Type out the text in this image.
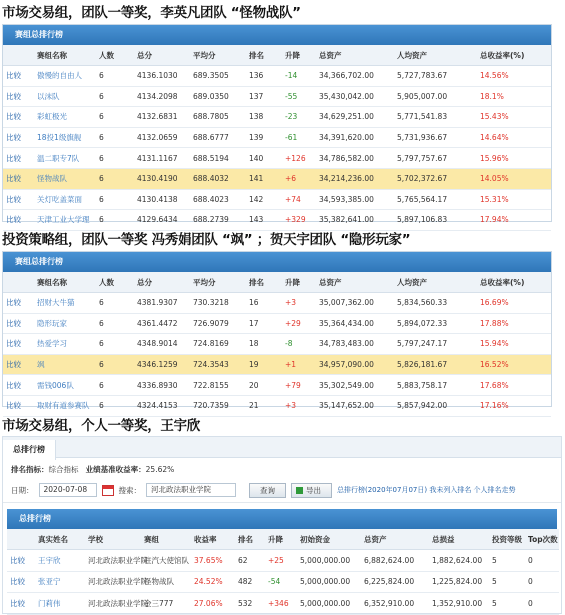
市场交易组，团队一等奖，李英凡团队 “怪物战队”
赛组总排行榜
	赛组名称	人数	总分	平均分	排名	升降	总资产	人均资产	总收益率(%)
比较	傲慢的自由人	6	4136.1030	689.3505	136	-14	34,366,702.00	5,727,783.67	14.56%
比较	以沫队	6	4134.2098	689.0350	137	-55	35,430,042.00	5,905,007.00	18.1%
比较	彩虹极光	6	4132.6831	688.7805	138	-23	34,629,251.00	5,771,541.83	15.43%
比较	18投1级旗舰	6	4132.0659	688.6777	139	-61	34,391,620.00	5,731,936.67	14.64%
比较	温二职专7队	6	4131.1167	688.5194	140	+126	34,786,582.00	5,797,757.67	15.96%
比较	怪物战队	6	4130.4190	688.4032	141	+6	34,214,236.00	5,702,372.67	14.05%
比较	关灯吃盖菜面	6	4130.4138	688.4023	142	+74	34,593,385.00	5,765,564.17	15.31%
比较	天津工业大学理	6	4129.6434	688.2739	143	+329	35,382,641.00	5,897,106.83	17.94%
投资策略组，团队一等奖 冯秀娟团队 “飒” ；贺天宇团队 “隐形玩家”
赛组总排行榜
	赛组名称	人数	总分	平均分	排名	升降	总资产	人均资产	总收益率(%)
比较	招财大牛猫	6	4381.9307	730.3218	16	+3	35,007,362.00	5,834,560.33	16.69%
比较	隐形玩家	6	4361.4472	726.9079	17	+29	35,364,434.00	5,894,072.33	17.88%
比较	热爱学习	6	4348.9014	724.8169	18	-8	34,783,483.00	5,797,247.17	15.94%
比较	飒	6	4346.1259	724.3543	19	+1	34,957,090.00	5,826,181.67	16.52%
比较	需钱006队	6	4336.8930	722.8155	20	+79	35,302,549.00	5,883,758.17	17.68%
比较	取财有道参赛队	6	4324.4153	720.7359	21	+3	35,147,652.00	5,857,942.00	17.16%
市场交易组，个人一等奖，王宇欣
总排行榜
排名指标：综合指标 业绩基准收益率：25.62%
日期：	2020-07-08	搜索：	河北政法职业学院	查询	导出	总排行榜(2020年07月07日) 我未列入排名 个人排名走势
总排行榜
	真实姓名	学校	赛组	收益率	排名	升降	初始资金	总资产	总损益	投资等级	Top次数	
比较	王宇欣	河北政法职业学院	驻汽大使馆队	37.65%	62	+25	5,000,000.00	6,882,624.00	1,882,624.00	5	0	
比较	张亚宁	河北政法职业学院	怪物战队	24.52%	482	-54	5,000,000.00	6,225,824.00	1,225,824.00	5	0	
比较	门莉伟	河北政法职业学院	金三777	27.06%	532	+346	5,000,000.00	6,352,910.00	1,352,910.00	5	0	
